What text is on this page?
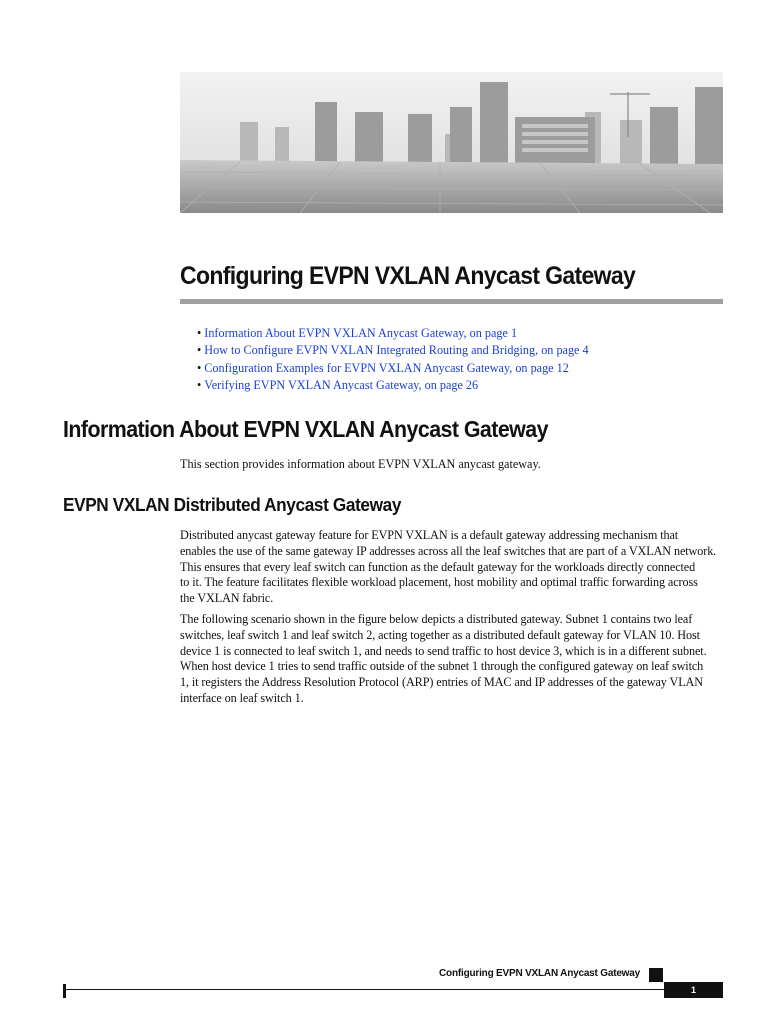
Configuring EVPN VXLAN Anycast Gateway
• Information About EVPN VXLAN Anycast Gateway, on page 1
• How to Configure EVPN VXLAN Integrated Routing and Bridging, on page 4
• Configuration Examples for EVPN VXLAN Anycast Gateway, on page 12
• Verifying EVPN VXLAN Anycast Gateway, on page 26
Information About EVPN VXLAN Anycast Gateway

This section provides information about EVPN VXLAN anycast gateway.

EVPN VXLAN Distributed Anycast Gateway

Distributed anycast gateway feature for EVPN VXLAN is a default gateway addressing mechanism that
enables the use of the same gateway IP addresses across all the leaf switches that are part of a VXLAN network.
This ensures that every leaf switch can function as the default gateway for the workloads directly connected
to it. The feature facilitates flexible workload placement, host mobility and optimal traffic forwarding across
the VXLAN fabric.

The following scenario shown in the figure below depicts a distributed gateway. Subnet 1 contains two leaf
switches, leaf switch 1 and leaf switch 2, acting together as a distributed default gateway for VLAN 10. Host
device 1 is connected to leaf switch 1, and needs to send traffic to host device 3, which is in a different subnet.
When host device 1 tries to send traffic outside of the subnet 1 through the configured gateway on leaf switch
1, it registers the Address Resolution Protocol (ARP) entries of MAC and IP addresses of the gateway VLAN
interface on leaf switch 1.

Configuring EVPN VXLAN Anycast Gateway
1
